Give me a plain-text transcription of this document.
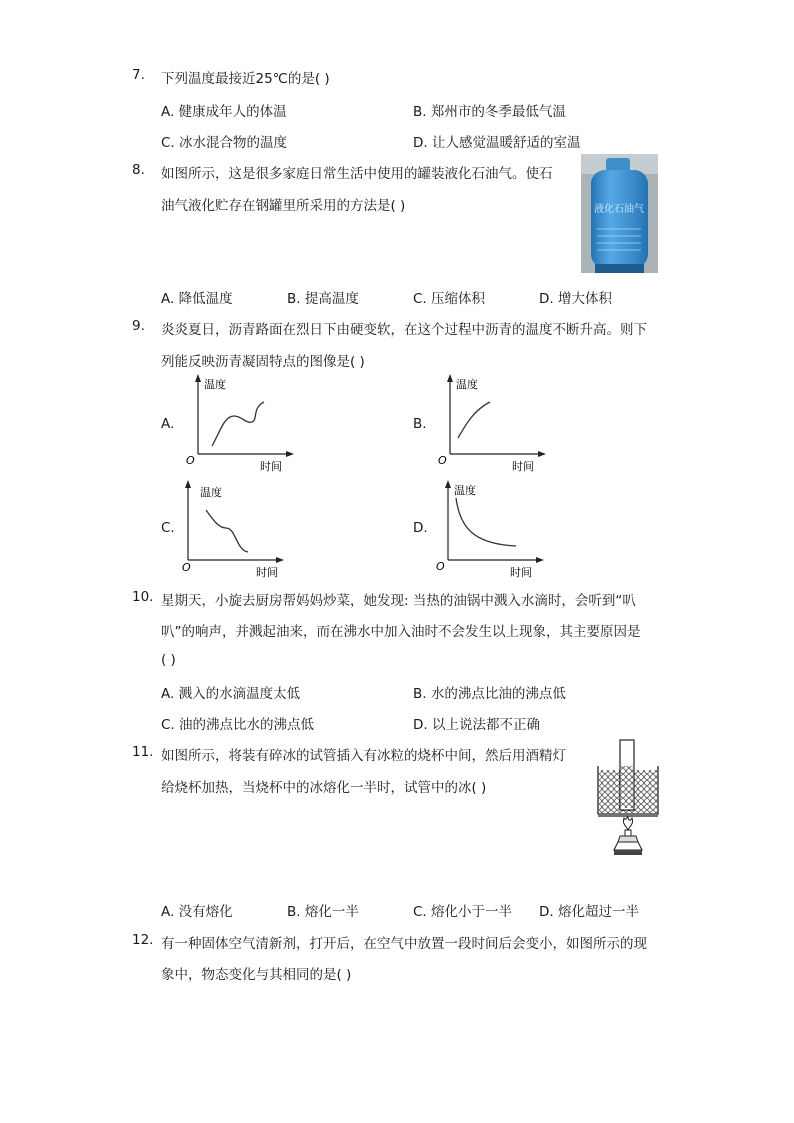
7.	下列温度最接近25℃的是( )
A. 健康成年人的体温	B. 郑州市的冬季最低气温
C. 冰水混合物的温度	D. 让人感觉温暖舒适的室温
8.	如图所示，这是很多家庭日常生活中使用的罐装液化石油气。使石
油气液化贮存在钢罐里所采用的方法是( )	液化石油气
A. 降低温度	B. 提高温度	C. 压缩体积	D. 增大体积
9.	炎炎夏日，沥青路面在烈日下由硬变软，在这个过程中沥青的温度不断升高。则下
列能反映沥青凝固特点的图像是( )
A.
温度
时间
O
B.
温度
时间
O
C.
温度
时间
O
D.
温度
时间
O
10. 星期天，小旋去厨房帮妈妈炒菜，她发现: 当热的油锅中溅入水滴时，会听到“叭
叭”的响声，并溅起油来，而在沸水中加入油时不会发生以上现象，其主要原因是
( )
A. 溅入的水滴温度太低	B. 水的沸点比油的沸点低
C. 油的沸点比水的沸点低	D. 以上说法都不正确
11. 如图所示，将装有碎冰的试管插入有冰粒的烧杯中间，然后用酒精灯
给烧杯加热，当烧杯中的冰熔化一半时，试管中的冰( )
A. 没有熔化	B. 熔化一半	C. 熔化小于一半 D. 熔化超过一半
12. 有一种固体空气清新剂，打开后，在空气中放置一段时间后会变小，如图所示的现
象中，物态变化与其相同的是( )
